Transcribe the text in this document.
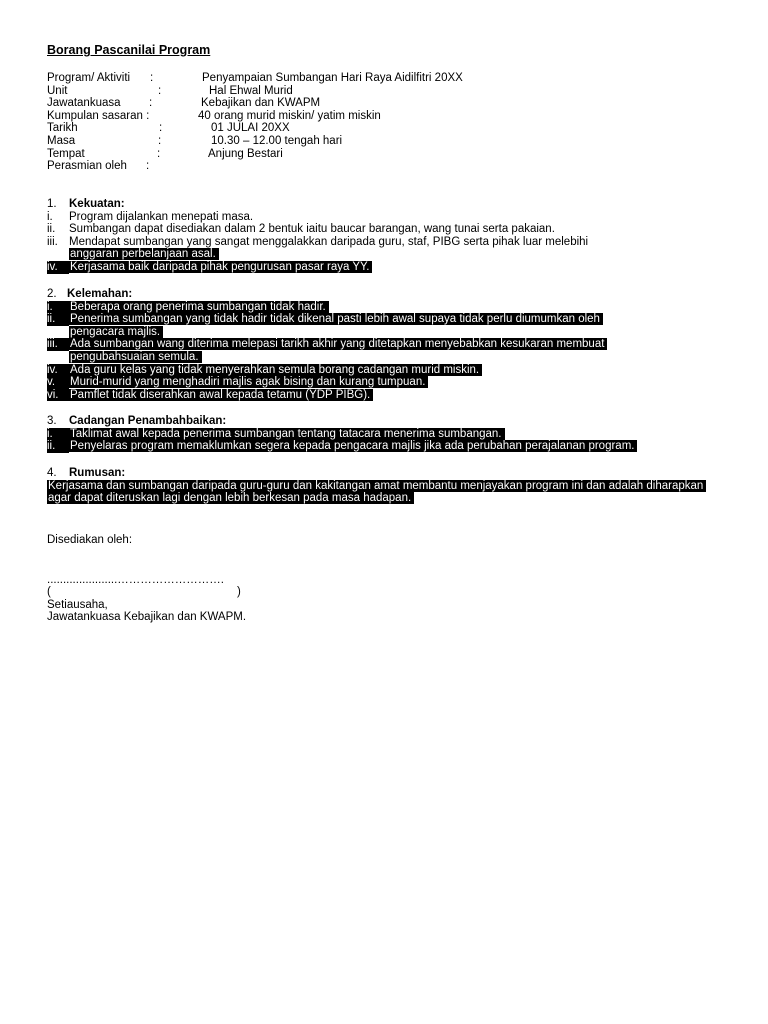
Borang Pascanilai Program
Program/ Aktiviti :	Penyampaian Sumbangan Hari Raya Aidilfitri 20XX
Unit	:	Hal Ehwal Murid
Jawatankuasa :	Kebajikan dan KWAPM
Kumpulan sasaran :	40 orang murid miskin/ yatim miskin
Tarikh	:	01 JULAI 20XX
Masa	:	10.30 – 12.00 tengah hari
Tempat	:	Anjung Bestari
Perasmian oleh :
1. Kekuatan:
i. Program dijalankan menepati masa.
ii. Sumbangan dapat disediakan dalam 2 bentuk iaitu baucar barangan, wang tunai serta pakaian.
iii. Mendapat sumbangan yang sangat menggalakkan daripada guru, staf, PIBG serta pihak luar melebihi
anggaran perbelanjaan asal.
iv.	Kerjasama baik daripada pihak pengurusan pasar raya YY.
2. Kelemahan:
i.	Beberapa orang penerima sumbangan tidak hadir.
ii.	Penerima sumbangan yang tidak hadir tidak dikenal pasti lebih awal supaya tidak perlu diumumkan oleh
pengacara majlis.
iii.	Ada sumbangan wang diterima melepasi tarikh akhir yang ditetapkan menyebabkan kesukaran membuat
pengubahsuaian semula.
iv.	Ada guru kelas yang tidak menyerahkan semula borang cadangan murid miskin.
v.	Murid-murid yang menghadiri majlis agak bising dan kurang tumpuan.
vi.	Pamflet tidak diserahkan awal kepada tetamu (YDP PIBG).
3. Cadangan Penambahbaikan:
i.	Taklimat awal kepada penerima sumbangan tentang tatacara menerima sumbangan.
ii.	Penyelaras program memaklumkan segera kepada pengacara majlis jika ada perubahan perajalanan program.
4. Rumusan:
Kerjasama dan sumbangan daripada guru-guru dan kakitangan amat membantu menjayakan program ini dan adalah diharapkan
agar dapat diteruskan lagi dengan lebih berkesan pada masa hadapan.
Disediakan oleh:
......................……………………….
(	)
Setiausaha,
Jawatankuasa Kebajikan dan KWAPM.
